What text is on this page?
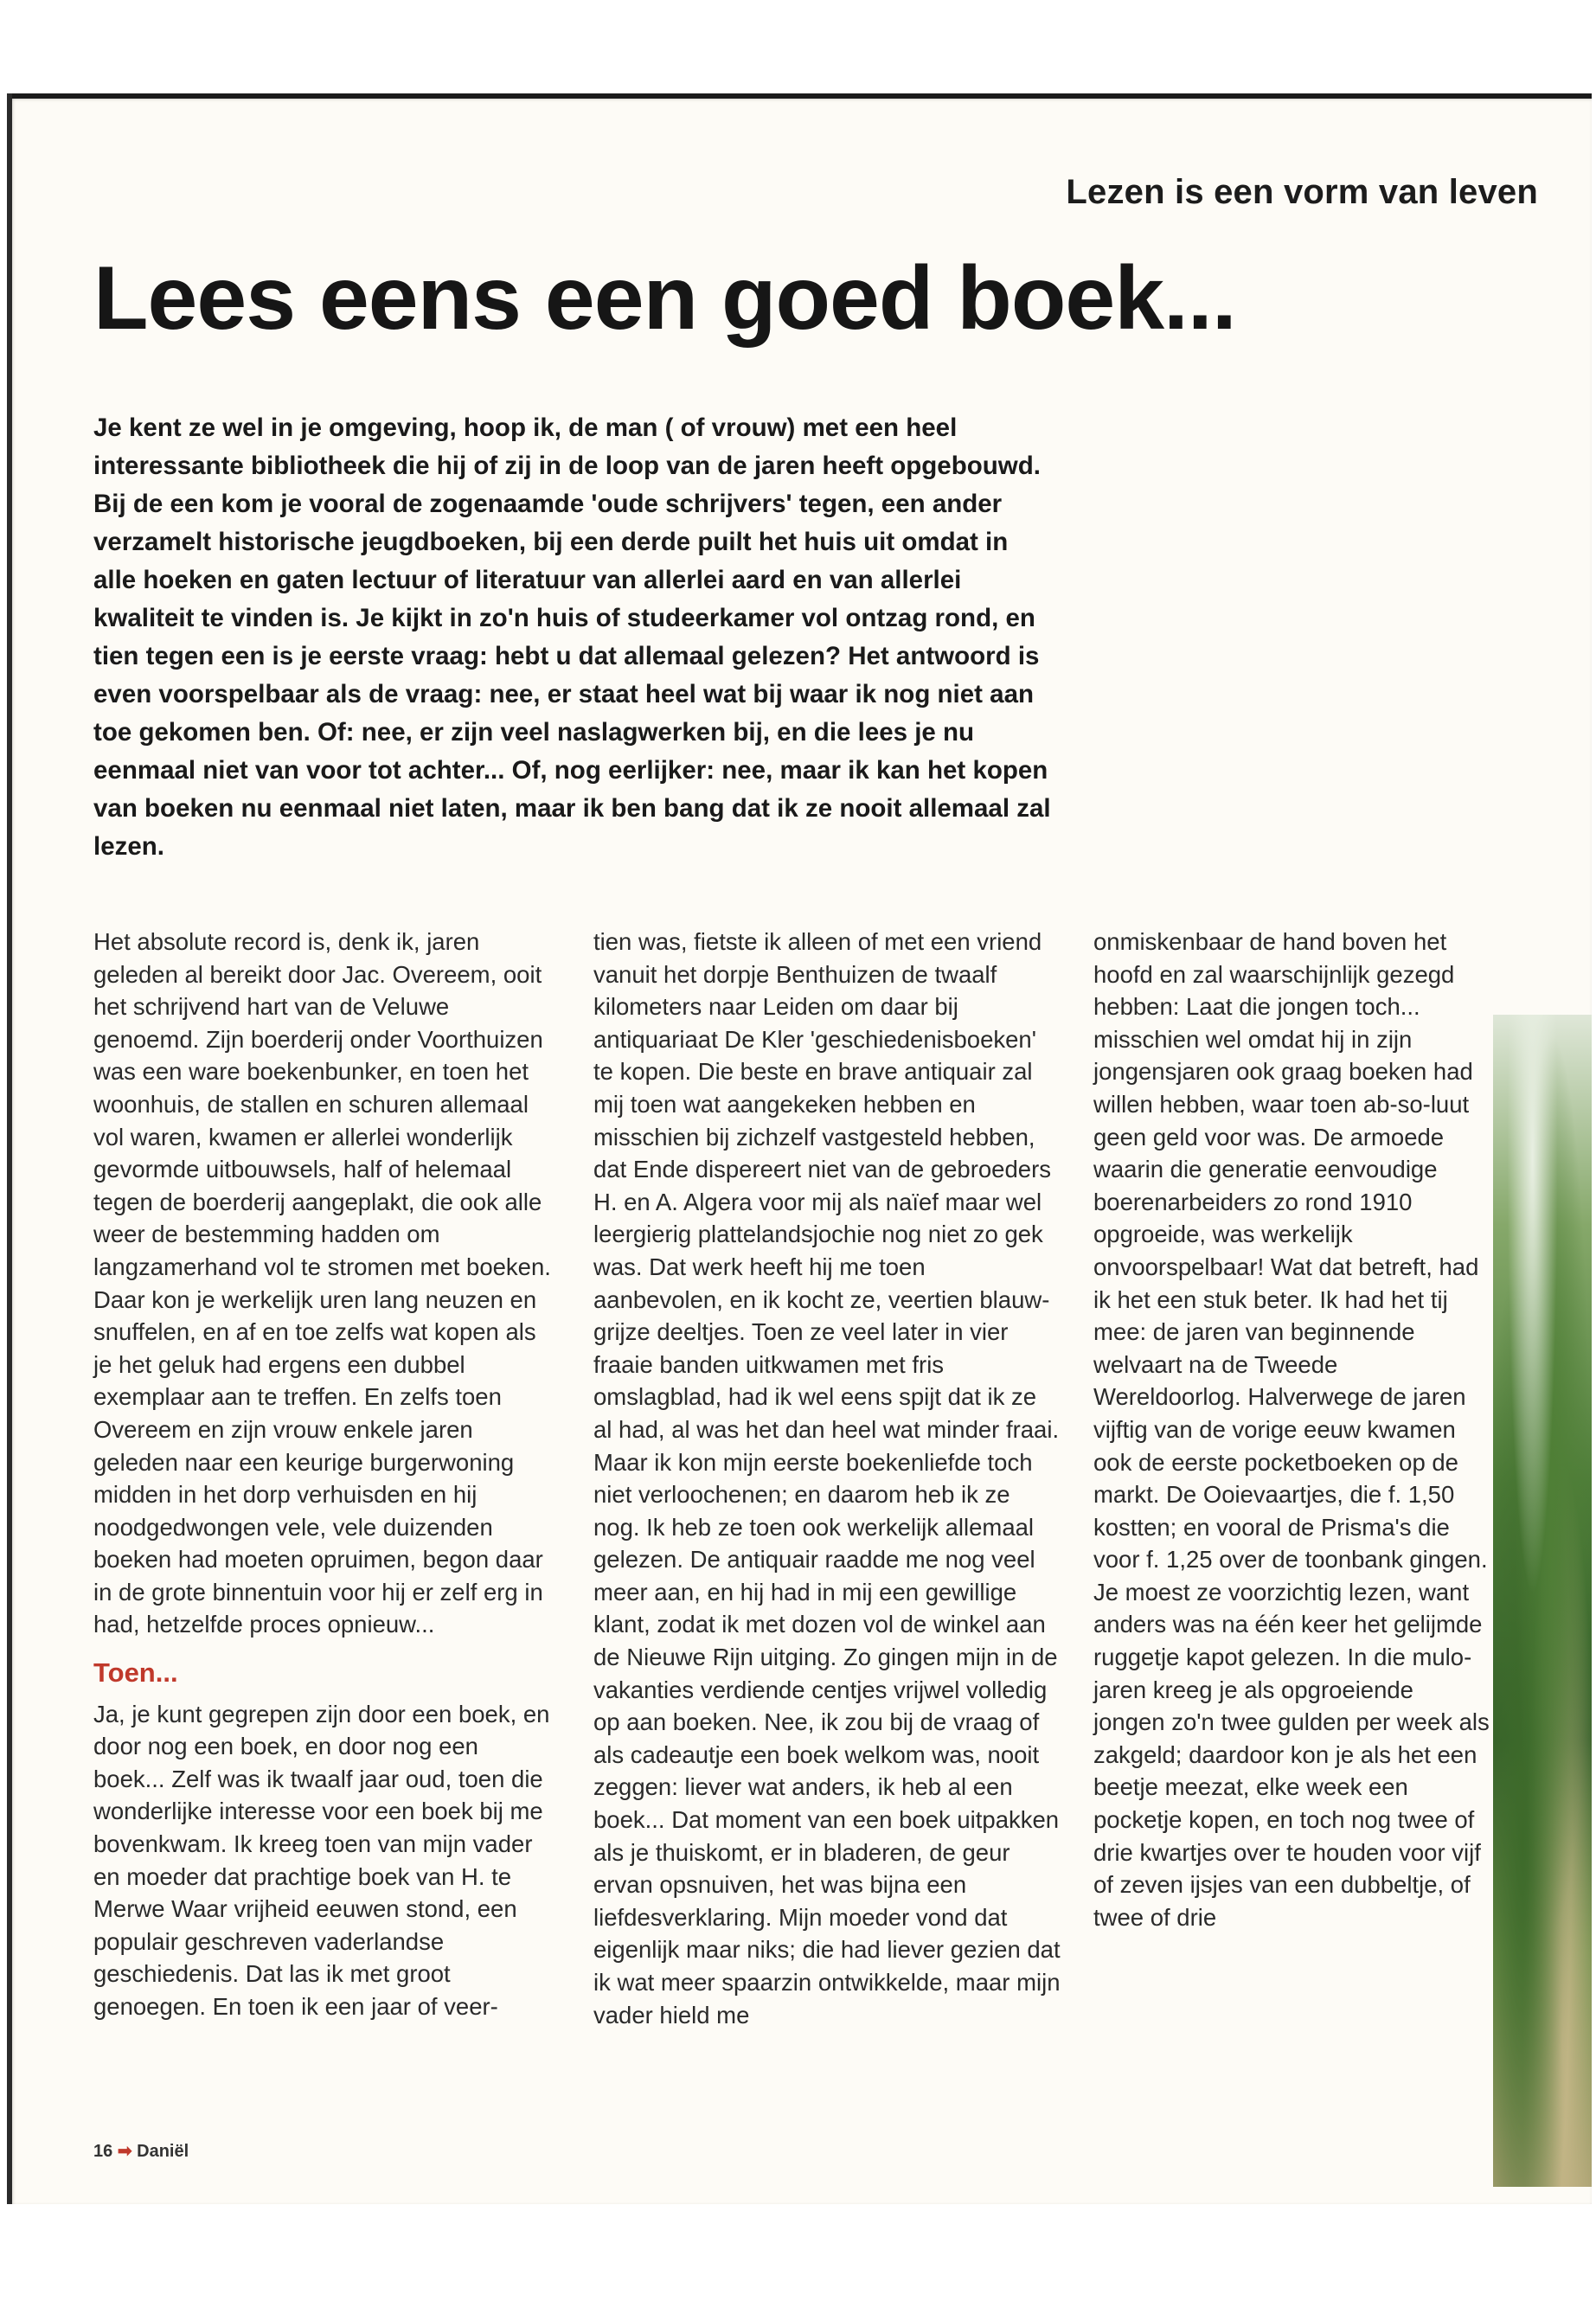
Lezen is een vorm van leven
Lees eens een goed boek...

Je kent ze wel in je omgeving, hoop ik, de man ( of vrouw) met een heel interessante bibliotheek die hij of zij in de loop van de jaren heeft opgebouwd. Bij de een kom je vooral de zogenaamde 'oude schrijvers' tegen, een ander verzamelt historische jeugdboeken, bij een derde puilt het huis uit omdat in alle hoeken en gaten lectuur of literatuur van allerlei aard en van allerlei kwaliteit te vinden is. Je kijkt in zo'n huis of studeerkamer vol ontzag rond, en tien tegen een is je eerste vraag: hebt u dat allemaal gelezen? Het antwoord is even voorspelbaar als de vraag: nee, er staat heel wat bij waar ik nog niet aan toe gekomen ben. Of: nee, er zijn veel naslagwerken bij, en die lees je nu eenmaal niet van voor tot achter... Of, nog eerlijker: nee, maar ik kan het kopen van boeken nu eenmaal niet laten, maar ik ben bang dat ik ze nooit allemaal zal lezen.

Het absolute record is, denk ik, jaren geleden al bereikt door Jac. Overeem, ooit het schrijvend hart van de Veluwe genoemd. Zijn boerderij onder Voorthuizen was een ware boekenbunker, en toen het woonhuis, de stallen en schuren allemaal vol waren, kwamen er allerlei wonderlijk gevormde uitbouwsels, half of helemaal tegen de boerderij aangeplakt, die ook alle weer de bestemming hadden om langzamerhand vol te stromen met boeken. Daar kon je werkelijk uren lang neuzen en snuffelen, en af en toe zelfs wat kopen als je het geluk had ergens een dubbel exemplaar aan te treffen. En zelfs toen Overeem en zijn vrouw enkele jaren geleden naar een keurige burgerwoning midden in het dorp verhuisden en hij noodgedwongen vele, vele duizenden boeken had moeten opruimen, begon daar in de grote binnentuin voor hij er zelf erg in had, hetzelfde proces opnieuw...

Toen...

Ja, je kunt gegrepen zijn door een boek, en door nog een boek, en door nog een boek... Zelf was ik twaalf jaar oud, toen die wonderlijke interesse voor een boek bij me bovenkwam. Ik kreeg toen van mijn vader en moeder dat prachtige boek van H. te Merwe Waar vrijheid eeuwen stond, een populair geschreven vaderlandse geschiedenis. Dat las ik met groot genoegen. En toen ik een jaar of veer-

tien was, fietste ik alleen of met een vriend vanuit het dorpje Benthuizen de twaalf kilometers naar Leiden om daar bij antiquariaat De Kler 'geschiedenisboeken' te kopen. Die beste en brave antiquair zal mij toen wat aangekeken hebben en misschien bij zichzelf vastgesteld hebben, dat Ende dispereert niet van de gebroeders H. en A. Algera voor mij als naïef maar wel leergierig plattelandsjochie nog niet zo gek was. Dat werk heeft hij me toen aanbevolen, en ik kocht ze, veertien blauw-grijze deeltjes. Toen ze veel later in vier fraaie banden uitkwamen met fris omslagblad, had ik wel eens spijt dat ik ze al had, al was het dan heel wat minder fraai. Maar ik kon mijn eerste boekenliefde toch niet verloochenen; en daarom heb ik ze nog. Ik heb ze toen ook werkelijk allemaal gelezen. De antiquair raadde me nog veel meer aan, en hij had in mij een gewillige klant, zodat ik met dozen vol de winkel aan de Nieuwe Rijn uitging. Zo gingen mijn in de vakanties verdiende centjes vrijwel volledig op aan boeken. Nee, ik zou bij de vraag of als cadeautje een boek welkom was, nooit zeggen: liever wat anders, ik heb al een boek... Dat moment van een boek uitpakken als je thuiskomt, er in bladeren, de geur ervan opsnuiven, het was bijna een liefdesverklaring. Mijn moeder vond dat eigenlijk maar niks; die had liever gezien dat ik wat meer spaarzin ontwikkelde, maar mijn vader hield me

onmiskenbaar de hand boven het hoofd en zal waarschijnlijk gezegd hebben: Laat die jongen toch... misschien wel omdat hij in zijn jongensjaren ook graag boeken had willen hebben, waar toen ab-so-luut geen geld voor was. De armoede waarin die generatie eenvoudige boerenarbeiders zo rond 1910 opgroeide, was werkelijk onvoorspelbaar! Wat dat betreft, had ik het een stuk beter. Ik had het tij mee: de jaren van beginnende welvaart na de Tweede Wereldoorlog. Halverwege de jaren vijftig van de vorige eeuw kwamen ook de eerste pocketboeken op de markt. De Ooievaartjes, die f. 1,50 kostten; en vooral de Prisma's die voor f. 1,25 over de toonbank gingen. Je moest ze voorzichtig lezen, want anders was na één keer het gelijmde ruggetje kapot gelezen. In die mulo-jaren kreeg je als opgroeiende jongen zo'n twee gulden per week als zakgeld; daardoor kon je als het een beetje meezat, elke week een pocketje kopen, en toch nog twee of drie kwartjes over te houden voor vijf of zeven ijsjes van een dubbeltje, of twee of drie

16 ➡ Daniël
